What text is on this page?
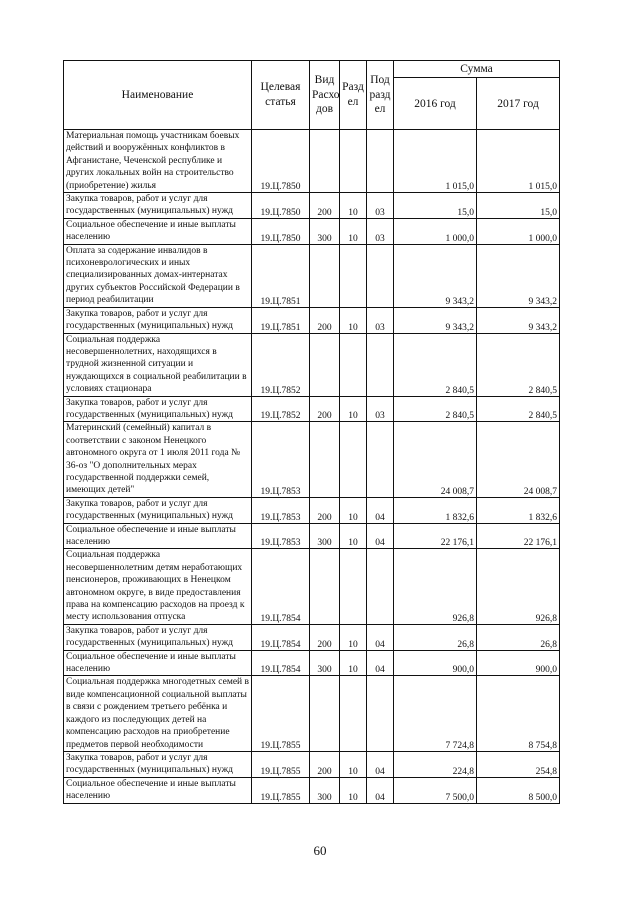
Наименование	Целевая статья	Вид Расхо дов	Разд ел	Под разд ел	Сумма	
					2016 год	2017 год
Материальная помощь участникам боевых действий и вооружённых конфликтов в Афганистане, Чеченской республике и других локальных войн на строительство (приобретение) жилья	19.Ц.7850				1 015,0	1 015,0
Закупка товаров, работ и услуг для государственных (муниципальных) нужд	19.Ц.7850	200	10	03	15,0	15,0
Социальное обеспечение и иные выплаты населению	19.Ц.7850	300	10	03	1 000,0	1 000,0
Оплата за содержание инвалидов в психоневрологических и иных специализированных домах-интернатах других субъектов Российской Федерации в период реабилитации	19.Ц.7851				9 343,2	9 343,2
Закупка товаров, работ и услуг для государственных (муниципальных) нужд	19.Ц.7851	200	10	03	9 343,2	9 343,2
Социальная поддержка несовершеннолетних, находящихся в трудной жизненной ситуации и нуждающихся в социальной реабилитации в условиях стационара	19.Ц.7852				2 840,5	2 840,5
Закупка товаров, работ и услуг для государственных (муниципальных) нужд	19.Ц.7852	200	10	03	2 840,5	2 840,5
Материнский (семейный) капитал в соответствии с законом Ненецкого автономного округа от 1 июля 2011 года № 36-оз "О дополнительных мерах государственной поддержки семей, имеющих детей"	19.Ц.7853				24 008,7	24 008,7
Закупка товаров, работ и услуг для государственных (муниципальных) нужд	19.Ц.7853	200	10	04	1 832,6	1 832,6
Социальное обеспечение и иные выплаты населению	19.Ц.7853	300	10	04	22 176,1	22 176,1
Социальная поддержка несовершеннолетним детям неработающих пенсионеров, проживающих в Ненецком автономном округе, в виде предоставления права на компенсацию расходов на проезд к месту использования отпуска	19.Ц.7854				926,8	926,8
Закупка товаров, работ и услуг для государственных (муниципальных) нужд	19.Ц.7854	200	10	04	26,8	26,8
Социальное обеспечение и иные выплаты населению	19.Ц.7854	300	10	04	900,0	900,0
Социальная поддержка многодетных семей в виде компенсационной социальной выплаты в связи с рождением третьего ребёнка и каждого из последующих детей на компенсацию расходов на приобретение предметов первой необходимости	19.Ц.7855				7 724,8	8 754,8
Закупка товаров, работ и услуг для государственных (муниципальных) нужд	19.Ц.7855	200	10	04	224,8	254,8
Социальное обеспечение и иные выплаты населению	19.Ц.7855	300	10	04	7 500,0	8 500,0
60
